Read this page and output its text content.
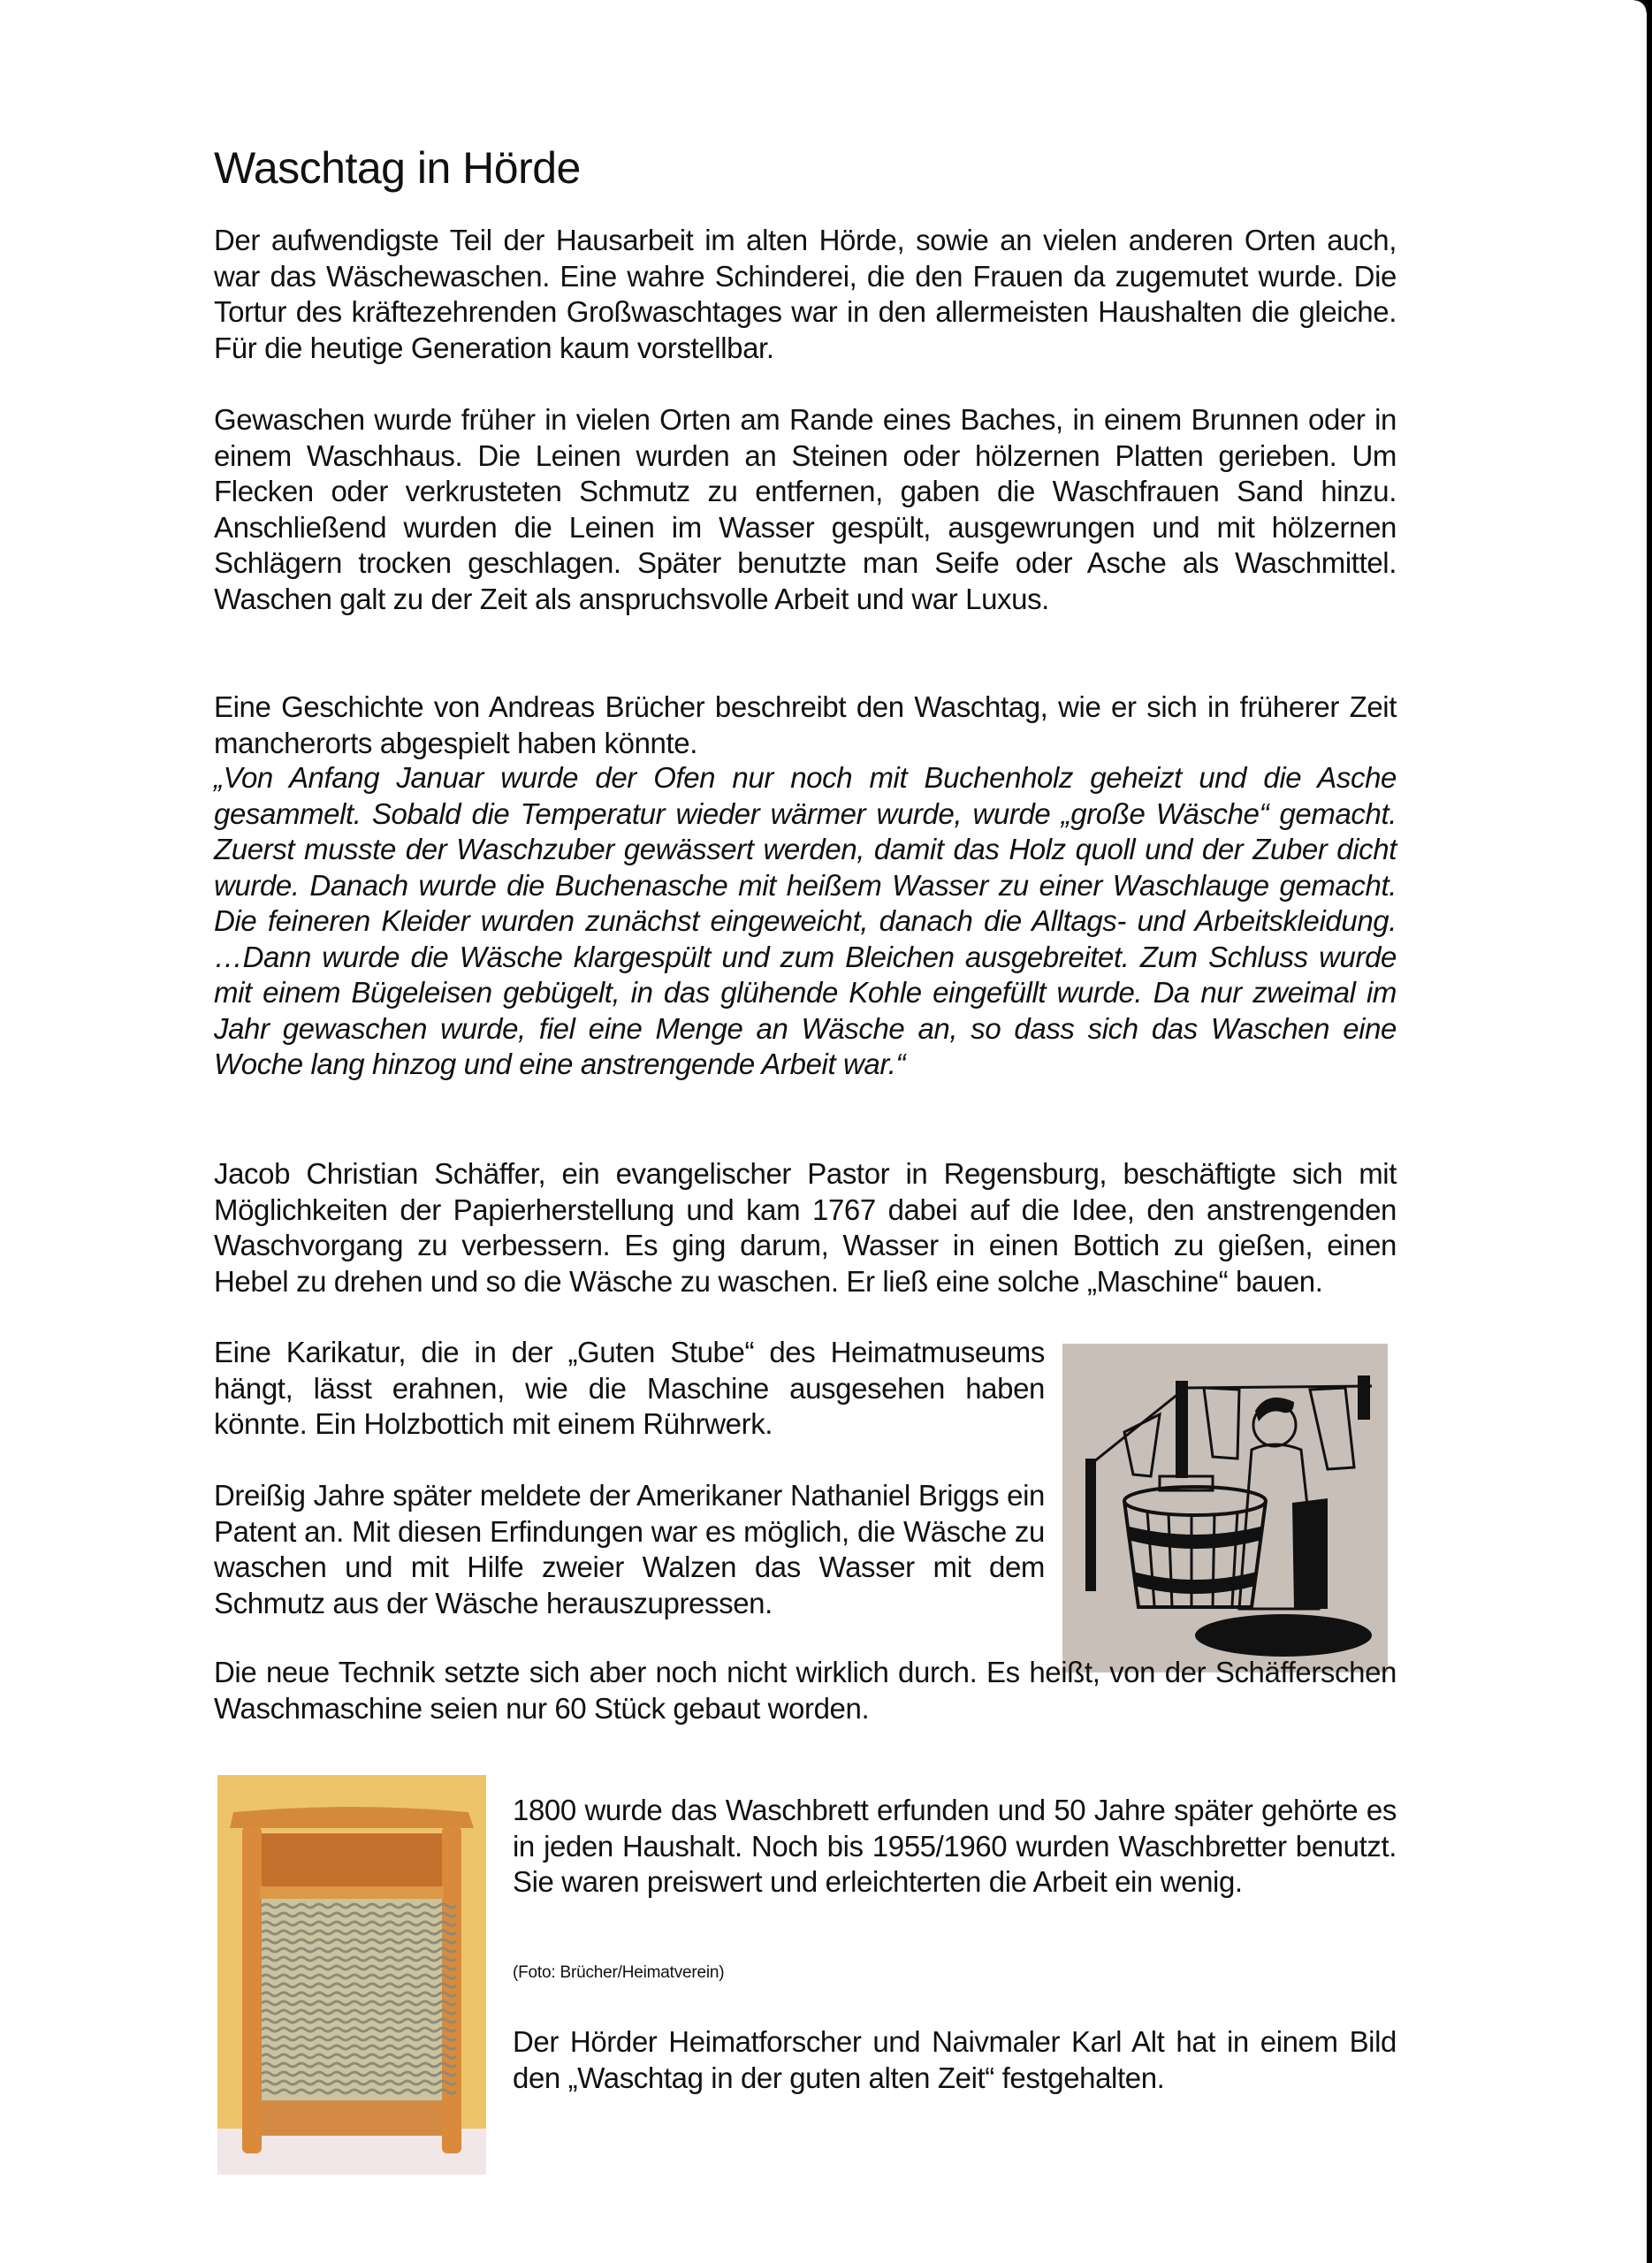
Waschtag in Hörde

Der aufwendigste Teil der Hausarbeit im alten Hörde, sowie an vielen anderen Orten auch, war das Wäschewaschen. Eine wahre Schinderei, die den Frauen da zugemutet wurde. Die Tortur des kräftezehrenden Großwaschtages war in den allermeisten Haushalten die gleiche. Für die heutige Generation kaum vorstellbar.

Gewaschen wurde früher in vielen Orten am Rande eines Baches, in einem Brunnen oder in einem Waschhaus. Die Leinen wurden an Steinen oder hölzernen Platten gerieben. Um Flecken oder verkrusteten Schmutz zu entfernen, gaben die Waschfrauen Sand hinzu. Anschließend wurden die Leinen im Wasser gespült, ausgewrungen und mit hölzernen Schlägern trocken geschlagen. Später benutzte man Seife oder Asche als Waschmittel. Waschen galt zu der Zeit als anspruchsvolle Arbeit und war Luxus.

Eine Geschichte von Andreas Brücher beschreibt den Waschtag, wie er sich in früherer Zeit mancherorts abgespielt haben könnte.

„Von Anfang Januar wurde der Ofen nur noch mit Buchenholz geheizt und die Asche gesammelt. Sobald die Temperatur wieder wärmer wurde, wurde „große Wäsche“ gemacht. Zuerst musste der Waschzuber gewässert werden, damit das Holz quoll und der Zuber dicht wurde. Danach wurde die Buchenasche mit heißem Wasser zu einer Waschlauge gemacht. Die feineren Kleider wurden zunächst eingeweicht, danach die Alltags- und Arbeitskleidung. …Dann wurde die Wäsche klargespült und zum Bleichen ausgebreitet. Zum Schluss wurde mit einem Bügeleisen gebügelt, in das glühende Kohle eingefüllt wurde. Da nur zweimal im Jahr gewaschen wurde, fiel eine Menge an Wäsche an, so dass sich das Waschen eine Woche lang hinzog und eine anstrengende Arbeit war.“

Jacob Christian Schäffer, ein evangelischer Pastor in Regensburg, beschäftigte sich mit Möglichkeiten der Papierherstellung und kam 1767 dabei auf die Idee, den anstrengenden Waschvorgang zu verbessern. Es ging darum, Wasser in einen Bottich zu gießen, einen Hebel zu drehen und so die Wäsche zu waschen. Er ließ eine solche „Maschine“ bauen.

Eine Karikatur, die in der „Guten Stube“ des Heimatmuseums hängt, lässt erahnen, wie die Maschine ausgesehen haben könnte. Ein Holzbottich mit einem Rührwerk.

Dreißig Jahre später meldete der Amerikaner Nathaniel Briggs ein Patent an. Mit diesen Erfindungen war es möglich, die Wäsche zu waschen und mit Hilfe zweier Walzen das Wasser mit dem Schmutz aus der Wäsche herauszupressen.

Die neue Technik setzte sich aber noch nicht wirklich durch. Es heißt, von der Schäfferschen Waschmaschine seien nur 60 Stück gebaut worden.

1800 wurde das Waschbrett erfunden und 50 Jahre später gehörte es in jeden Haushalt. Noch bis 1955/1960 wurden Waschbretter benutzt. Sie waren preiswert und erleichterten die Arbeit ein wenig.

(Foto: Brücher/Heimatverein)

Der Hörder Heimatforscher und Naivmaler Karl Alt hat in einem Bild den „Waschtag in der guten alten Zeit“ festgehalten.
